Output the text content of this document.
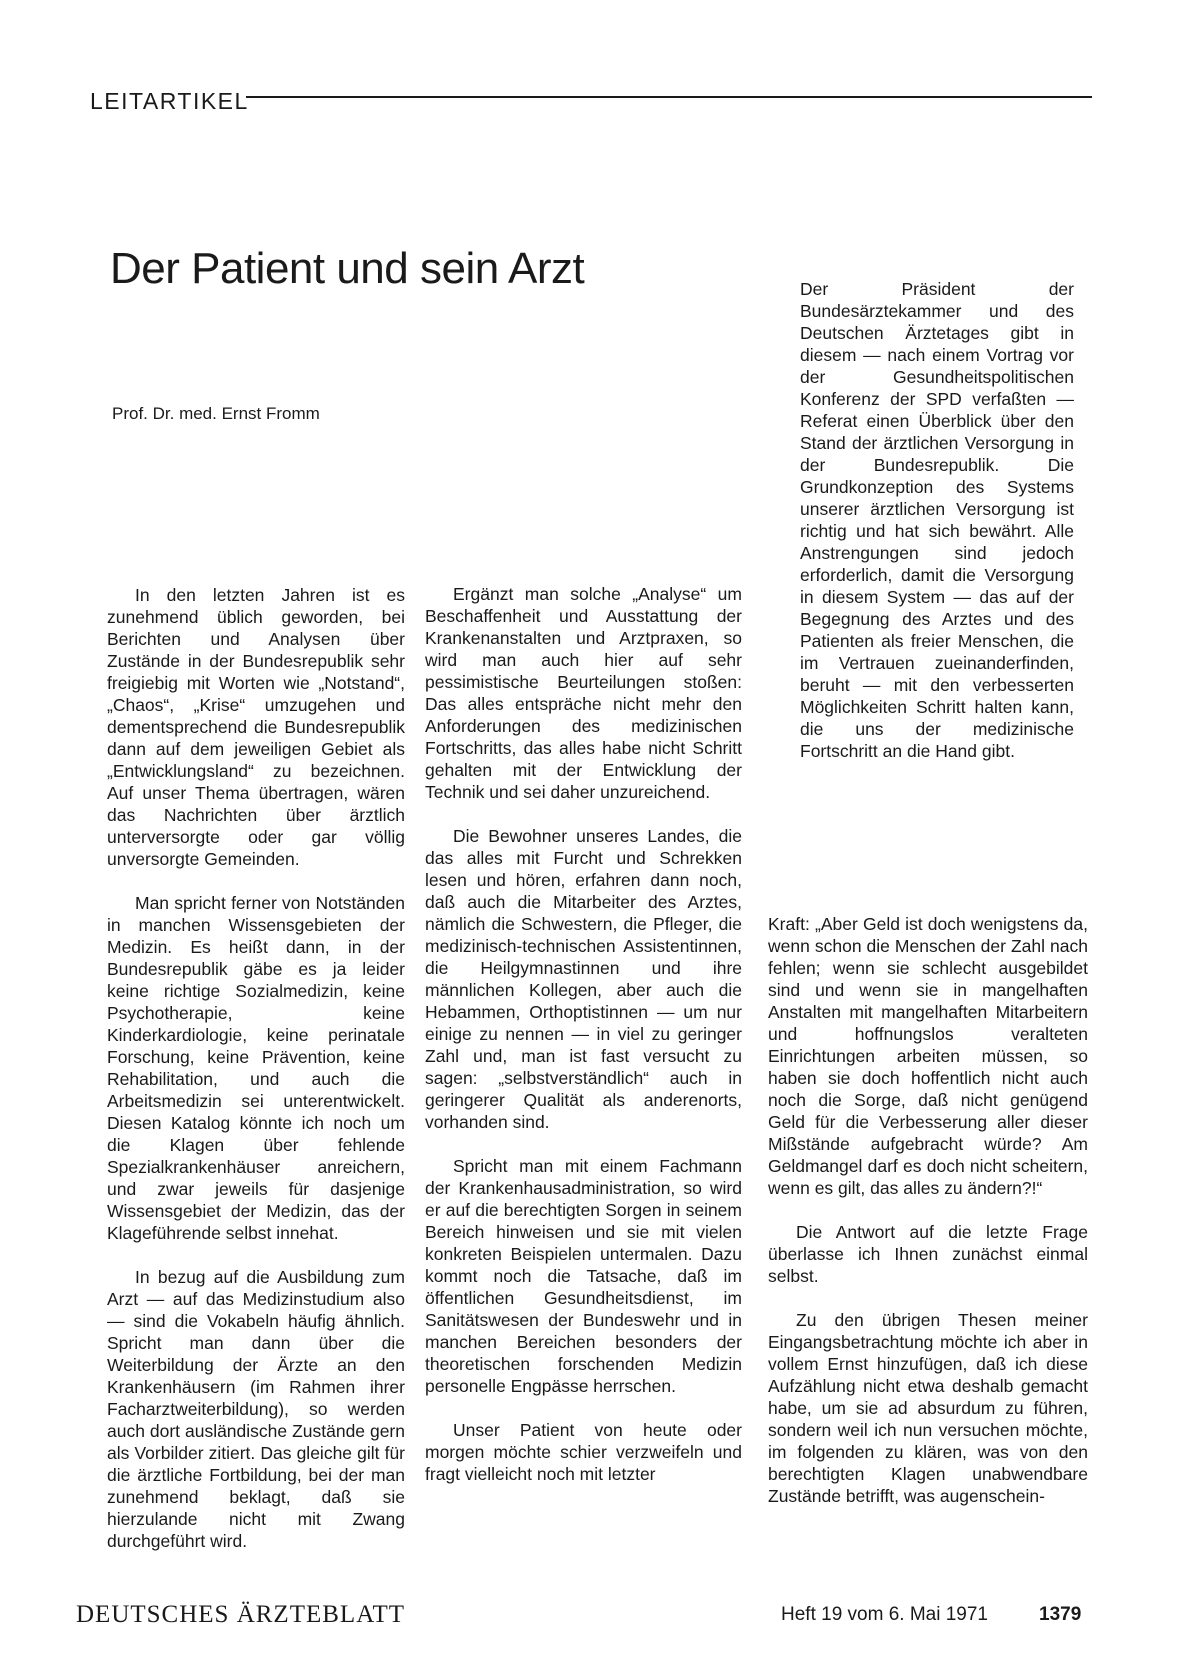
LEITARTIKEL
Der Patient und sein Arzt
Prof. Dr. med. Ernst Fromm
Der Präsident der Bundesärztekammer und des Deutschen Ärztetages gibt in diesem — nach einem Vortrag vor der Gesundheitspolitischen Konferenz der SPD verfaßten — Referat einen Überblick über den Stand der ärztlichen Versorgung in der Bundesrepublik. Die Grundkonzeption des Systems unserer ärztlichen Versorgung ist richtig und hat sich bewährt. Alle Anstrengungen sind jedoch erforderlich, damit die Versorgung in diesem System — das auf der Begegnung des Arztes und des Patienten als freier Menschen, die im Vertrauen zueinanderfinden, beruht — mit den verbesserten Möglichkeiten Schritt halten kann, die uns der medizinische Fortschritt an die Hand gibt.

In den letzten Jahren ist es zunehmend üblich geworden, bei Berichten und Analysen über Zustände in der Bundesrepublik sehr freigiebig mit Worten wie „Notstand“, „Chaos“, „Krise“ umzugehen und dementsprechend die Bundesrepublik dann auf dem jeweiligen Gebiet als „Entwicklungsland“ zu bezeichnen. Auf unser Thema übertragen, wären das Nachrichten über ärztlich unterversorgte oder gar völlig unversorgte Gemeinden.

Man spricht ferner von Notständen in manchen Wissensgebieten der Medizin. Es heißt dann, in der Bundesrepublik gäbe es ja leider keine richtige Sozialmedizin, keine Psychotherapie, keine Kinderkardiologie, keine perinatale Forschung, keine Prävention, keine Rehabilitation, und auch die Arbeitsmedizin sei unterentwickelt. Diesen Katalog könnte ich noch um die Klagen über fehlende Spezialkrankenhäuser anreichern, und zwar jeweils für dasjenige Wissensgebiet der Medizin, das der Klageführende selbst innehat.

In bezug auf die Ausbildung zum Arzt — auf das Medizinstudium also — sind die Vokabeln häufig ähnlich. Spricht man dann über die Weiterbildung der Ärzte an den Krankenhäusern (im Rahmen ihrer Facharztweiterbildung), so werden auch dort ausländische Zustände gern als Vorbilder zitiert. Das gleiche gilt für die ärztliche Fortbildung, bei der man zunehmend beklagt, daß sie hierzulande nicht mit Zwang durchgeführt wird.

Ergänzt man solche „Analyse“ um Beschaffenheit und Ausstattung der Krankenanstalten und Arztpraxen, so wird man auch hier auf sehr pessimistische Beurteilungen stoßen: Das alles entspräche nicht mehr den Anforderungen des medizinischen Fortschritts, das alles habe nicht Schritt gehalten mit der Entwicklung der Technik und sei daher unzureichend.

Die Bewohner unseres Landes, die das alles mit Furcht und Schrekken lesen und hören, erfahren dann noch, daß auch die Mitarbeiter des Arztes, nämlich die Schwestern, die Pfleger, die medizinisch-technischen Assistentinnen, die Heilgymnastinnen und ihre männlichen Kollegen, aber auch die Hebammen, Orthoptistinnen — um nur einige zu nennen — in viel zu geringer Zahl und, man ist fast versucht zu sagen: „selbstverständlich“ auch in geringerer Qualität als anderenorts, vorhanden sind.

Spricht man mit einem Fachmann der Krankenhausadministration, so wird er auf die berechtigten Sorgen in seinem Bereich hinweisen und sie mit vielen konkreten Beispielen untermalen. Dazu kommt noch die Tatsache, daß im öffentlichen Gesundheitsdienst, im Sanitätswesen der Bundeswehr und in manchen Bereichen besonders der theoretischen forschenden Medizin personelle Engpässe herrschen.

Unser Patient von heute oder morgen möchte schier verzweifeln und fragt vielleicht noch mit letzter

Kraft: „Aber Geld ist doch wenigstens da, wenn schon die Menschen der Zahl nach fehlen; wenn sie schlecht ausgebildet sind und wenn sie in mangelhaften Anstalten mit mangelhaften Mitarbeitern und hoffnungslos veralteten Einrichtungen arbeiten müssen, so haben sie doch hoffentlich nicht auch noch die Sorge, daß nicht genügend Geld für die Verbesserung aller dieser Mißstände aufgebracht würde? Am Geldmangel darf es doch nicht scheitern, wenn es gilt, das alles zu ändern?!“

Die Antwort auf die letzte Frage überlasse ich Ihnen zunächst einmal selbst.

Zu den übrigen Thesen meiner Eingangsbetrachtung möchte ich aber in vollem Ernst hinzufügen, daß ich diese Aufzählung nicht etwa deshalb gemacht habe, um sie ad absurdum zu führen, sondern weil ich nun versuchen möchte, im folgenden zu klären, was von den berechtigten Klagen unabwendbare Zustände betrifft, was augenschein-

DEUTSCHES ÄRZTEBLATT	Heft 19 vom 6. Mai 1971	1379
